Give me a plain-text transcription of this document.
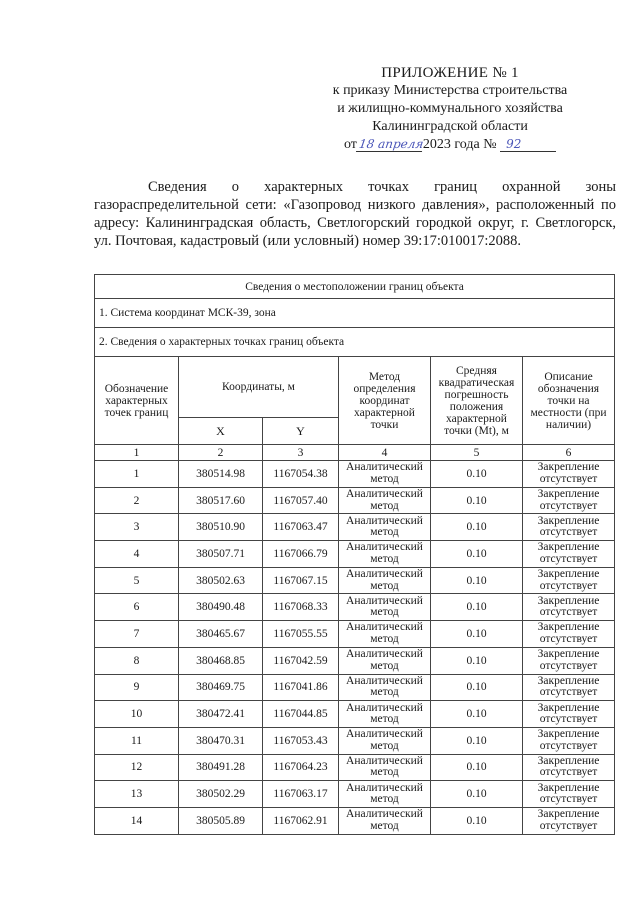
ПРИЛОЖЕНИЕ № 1
к приказу Министерства строительства
и жилищно-коммунального хозяйства
Калининградской области
от18 апреля2023 года № 92
Сведения о характерных точках границ охранной зоны газораспределительной сети: «Газопровод низкого давления», расположенный по адресу: Калининградская область, Светлогорский городкой округ, г. Светлогорск, ул. Почтовая, кадастровый (или условный) номер 39:17:010017:2088.
Сведения о местоположении границ объекта					
1. Система координат МСК-39, зона					
2. Сведения о характерных точках границ объекта					
Обозначение характерных точек границ	Координаты, м		Метод определения координат характерной точки	Средняя квадратическая погрешность положения характерной точки (Mt), м	Описание обозначения точки на местности (при наличии)
	X	Y			
1	2	3	4	5	6
1	380514.98	1167054.38	Аналитический метод	0.10	Закрепление отсутствует
2	380517.60	1167057.40	Аналитический метод	0.10	Закрепление отсутствует
3	380510.90	1167063.47	Аналитический метод	0.10	Закрепление отсутствует
4	380507.71	1167066.79	Аналитический метод	0.10	Закрепление отсутствует
5	380502.63	1167067.15	Аналитический метод	0.10	Закрепление отсутствует
6	380490.48	1167068.33	Аналитический метод	0.10	Закрепление отсутствует
7	380465.67	1167055.55	Аналитический метод	0.10	Закрепление отсутствует
8	380468.85	1167042.59	Аналитический метод	0.10	Закрепление отсутствует
9	380469.75	1167041.86	Аналитический метод	0.10	Закрепление отсутствует
10	380472.41	1167044.85	Аналитический метод	0.10	Закрепление отсутствует
11	380470.31	1167053.43	Аналитический метод	0.10	Закрепление отсутствует
12	380491.28	1167064.23	Аналитический метод	0.10	Закрепление отсутствует
13	380502.29	1167063.17	Аналитический метод	0.10	Закрепление отсутствует
14	380505.89	1167062.91	Аналитический метод	0.10	Закрепление отсутствует
